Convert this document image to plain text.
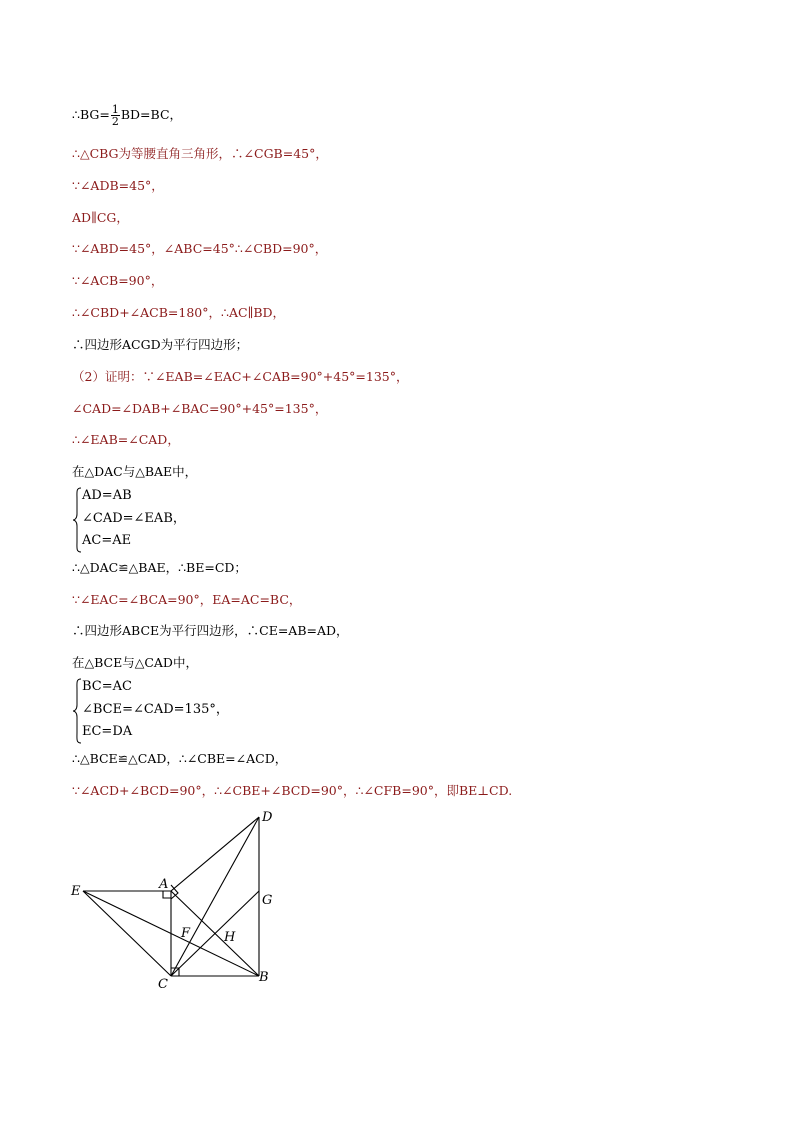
∴BG= $\frac{1}{2} BD=BC$，
∴△CBG为等腰直角三角形，∴∠CGB=45°，
∵∠ADB=45°，
AD∥CG，
∵∠ABD=45°，∠ABC=45°∴∠CBD=90°，
∵∠ACB=90°，
∴∠CBD+∠ACB=180°，∴AC∥BD，
∴四边形ACGD为平行四边形；
（2）证明：∵∠EAB=∠EAC+∠CAB=90°+45°=135°，
∠CAD=∠DAB+∠BAC=90°+45°=135°，
∴∠EAB=∠CAD，
在△DAC与△BAE中，
AD=AB
∠CAD=∠EAB，
AC=AE
∴△DAC≌△BAE，∴BE=CD；
∵∠EAC=∠BCA=90°，EA=AC=BC，
∴四边形ABCE为平行四边形，∴CE=AB=AD，
在△BCE与△CAD中，
BC=AC
∠BCE=∠CAD=135°，
EC=DA
∴△BCE≌△CAD，∴∠CBE=∠ACD，
∵∠ACD+∠BCD=90°，∴∠CBE+∠BCD=90°，∴∠CFB=90°，即BE⊥CD.
D
E	A
G
F	H
C	B
